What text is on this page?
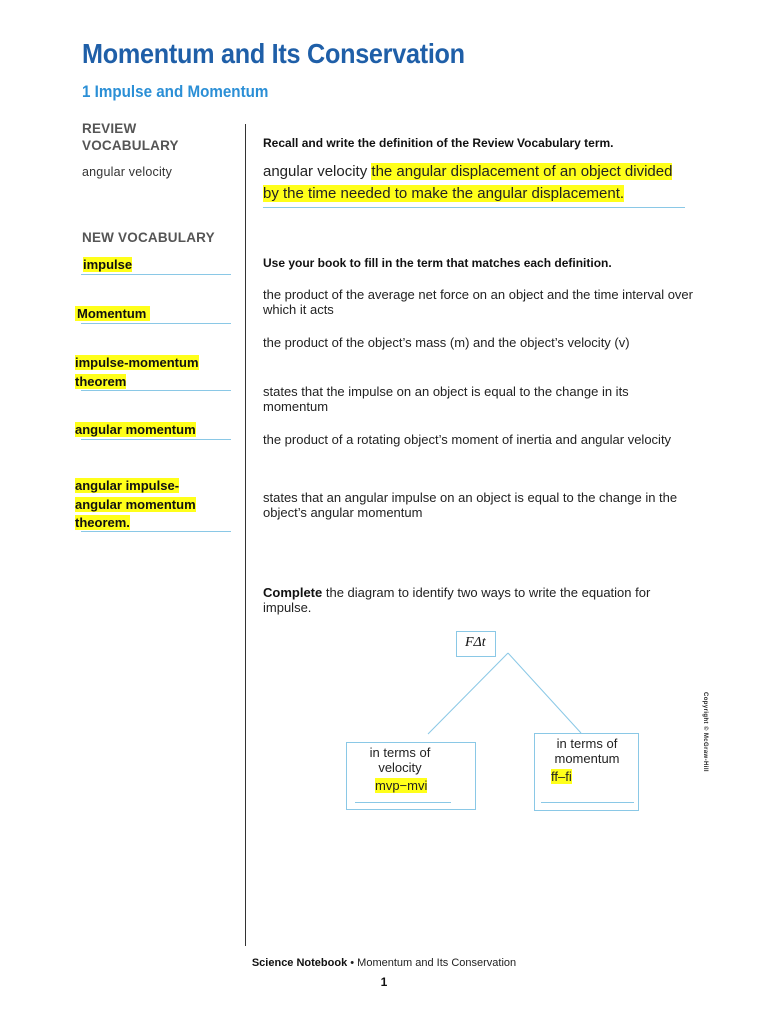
Momentum and Its Conservation
1 Impulse and Momentum
REVIEW VOCABULARY
angular velocity
NEW VOCABULARY
impulse
Momentum
impulse-momentum theorem
angular momentum
angular impulse-angular momentum theorem.
Recall and write the definition of the Review Vocabulary term.
angular velocity the angular displacement of an object divided by the time needed to make the angular displacement.
Use your book to fill in the term that matches each definition.
the product of the average net force on an object and the time interval over which it acts
the product of the object’s mass (m) and the object’s velocity (v)
states that the impulse on an object is equal to the change in its momentum
the product of a rotating object’s moment of inertia and angular velocity
states that an angular impulse on an object is equal to the change in the object’s angular momentum
Complete the diagram to identify two ways to write the equation for impulse.
FΔt
in terms of velocity
mvp−mvi
in terms of momentum
ff–fi
Copyright © McGraw-Hill
Science Notebook • Momentum and Its Conservation
1
